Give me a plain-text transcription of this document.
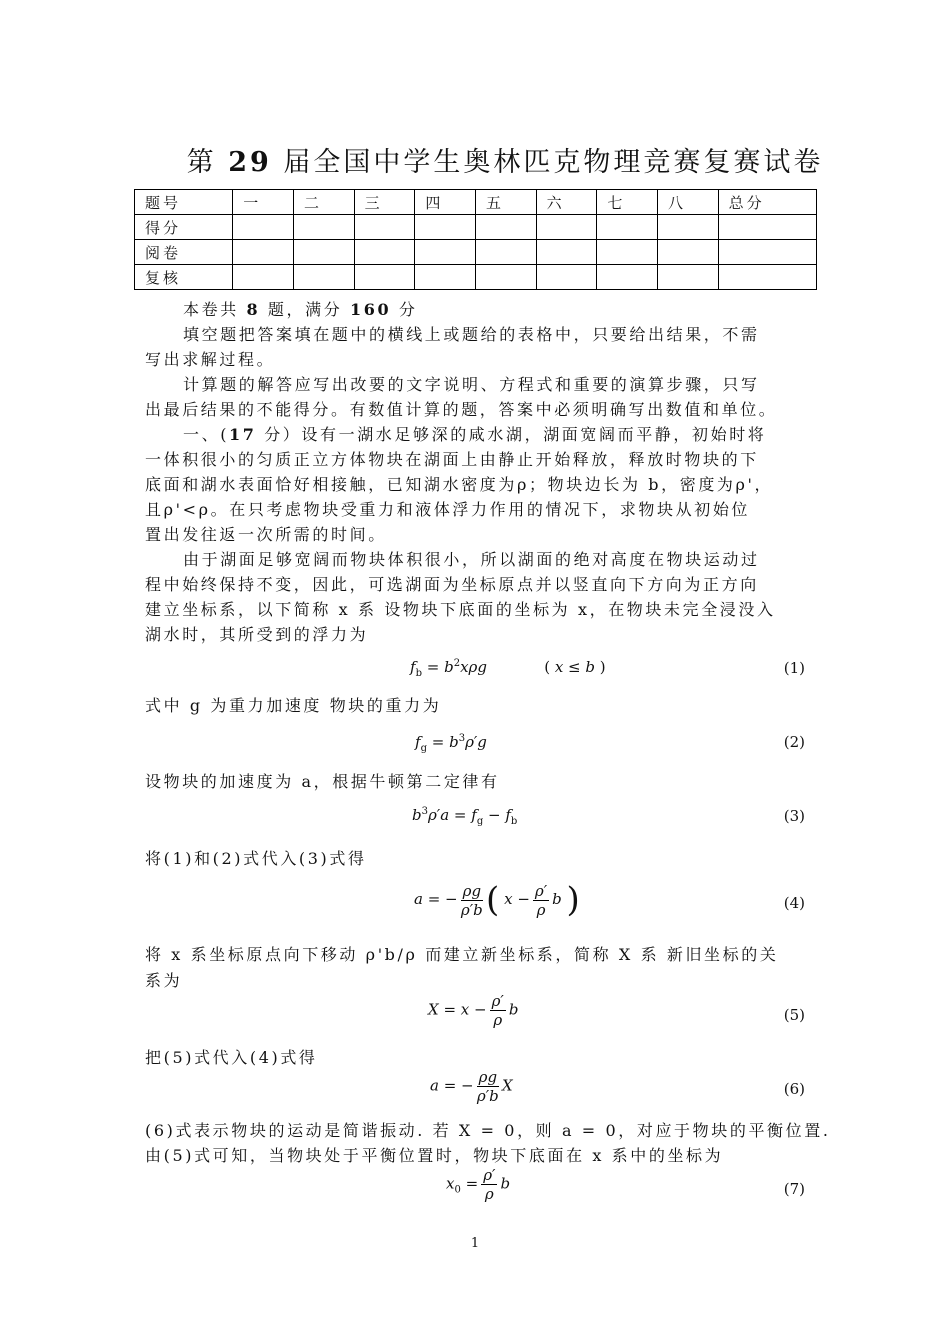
第 29 届全国中学生奥林匹克物理竞赛复赛试卷
题号	一	二	三	四	五	六	七	八	总分
得分									
阅卷									
复核									
本卷共 8 题，满分 160 分
填空题把答案填在题中的横线上或题给的表格中，只要给出结果，不需
写出求解过程。
计算题的解答应写出改要的文字说明、方程式和重要的演算步骤，只写
出最后结果的不能得分。有数值计算的题，答案中必须明确写出数值和单位。
一、(17 分）设有一湖水足够深的咸水湖，湖面宽阔而平静，初始时将
一体积很小的匀质正立方体物块在湖面上由静止开始释放，释放时物块的下
底面和湖水表面恰好相接触，已知湖水密度为ρ；物块边长为 b，密度为ρ'，
且ρ'<ρ。在只考虑物块受重力和液体浮力作用的情况下，求物块从初始位
置出发往返一次所需的时间。
由于湖面足够宽阔而物块体积很小，所以湖面的绝对高度在物块运动过
程中始终保持不变，因此，可选湖面为坐标原点并以竖直向下方向为正方向
建立坐标系，以下简称 x 系 设物块下底面的坐标为 x，在物块未完全浸没入
湖水时，其所受到的浮力为
$f_b = b^2x\rho g$            ( x ≤ b )	(1)
式中 g 为重力加速度 物块的重力为
$f_g = b^3\rho'g$	(2)
设物块的加速度为 a，根据牛顿第二定律有
$b^3\rho'a = f_g - f_b$	(3)
将(1)和(2)式代入(3)式得
a = − $\frac{\rho g}{\rho'b}$ ( $x - \frac{\rho'}{\rho}$ b )	(4)
将 x 系坐标原点向下移动 ρ'b/ρ 而建立新坐标系，简称 X 系 新旧坐标的关
系为
$X = x - \frac{\rho'}{\rho}$ b	(5)
把(5)式代入(4)式得
a = − $\frac{\rho g}{\rho'b}$ X	(6)
(6)式表示物块的运动是简谐振动. 若 X = 0，则 a = 0，对应于物块的平衡位置.
由(5)式可知，当物块处于平衡位置时，物块下底面在 x 系中的坐标为
$x_0 = \frac{\rho'}{\rho}$ b	(7)
1
